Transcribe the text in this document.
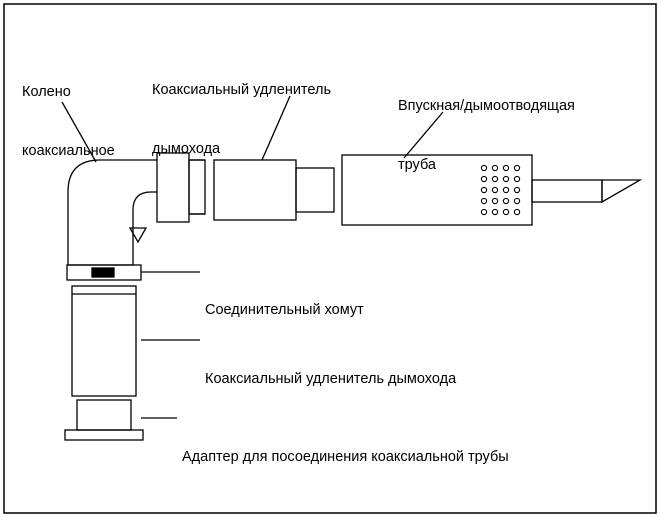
Колено

коаксиальное

Коаксиальный удленитель

дымохода

Впускная/дымоотводящая

труба

Соединительный хомут

Коаксиальный удленитель дымохода

Адаптер для посоединения коаксиальной трубы
